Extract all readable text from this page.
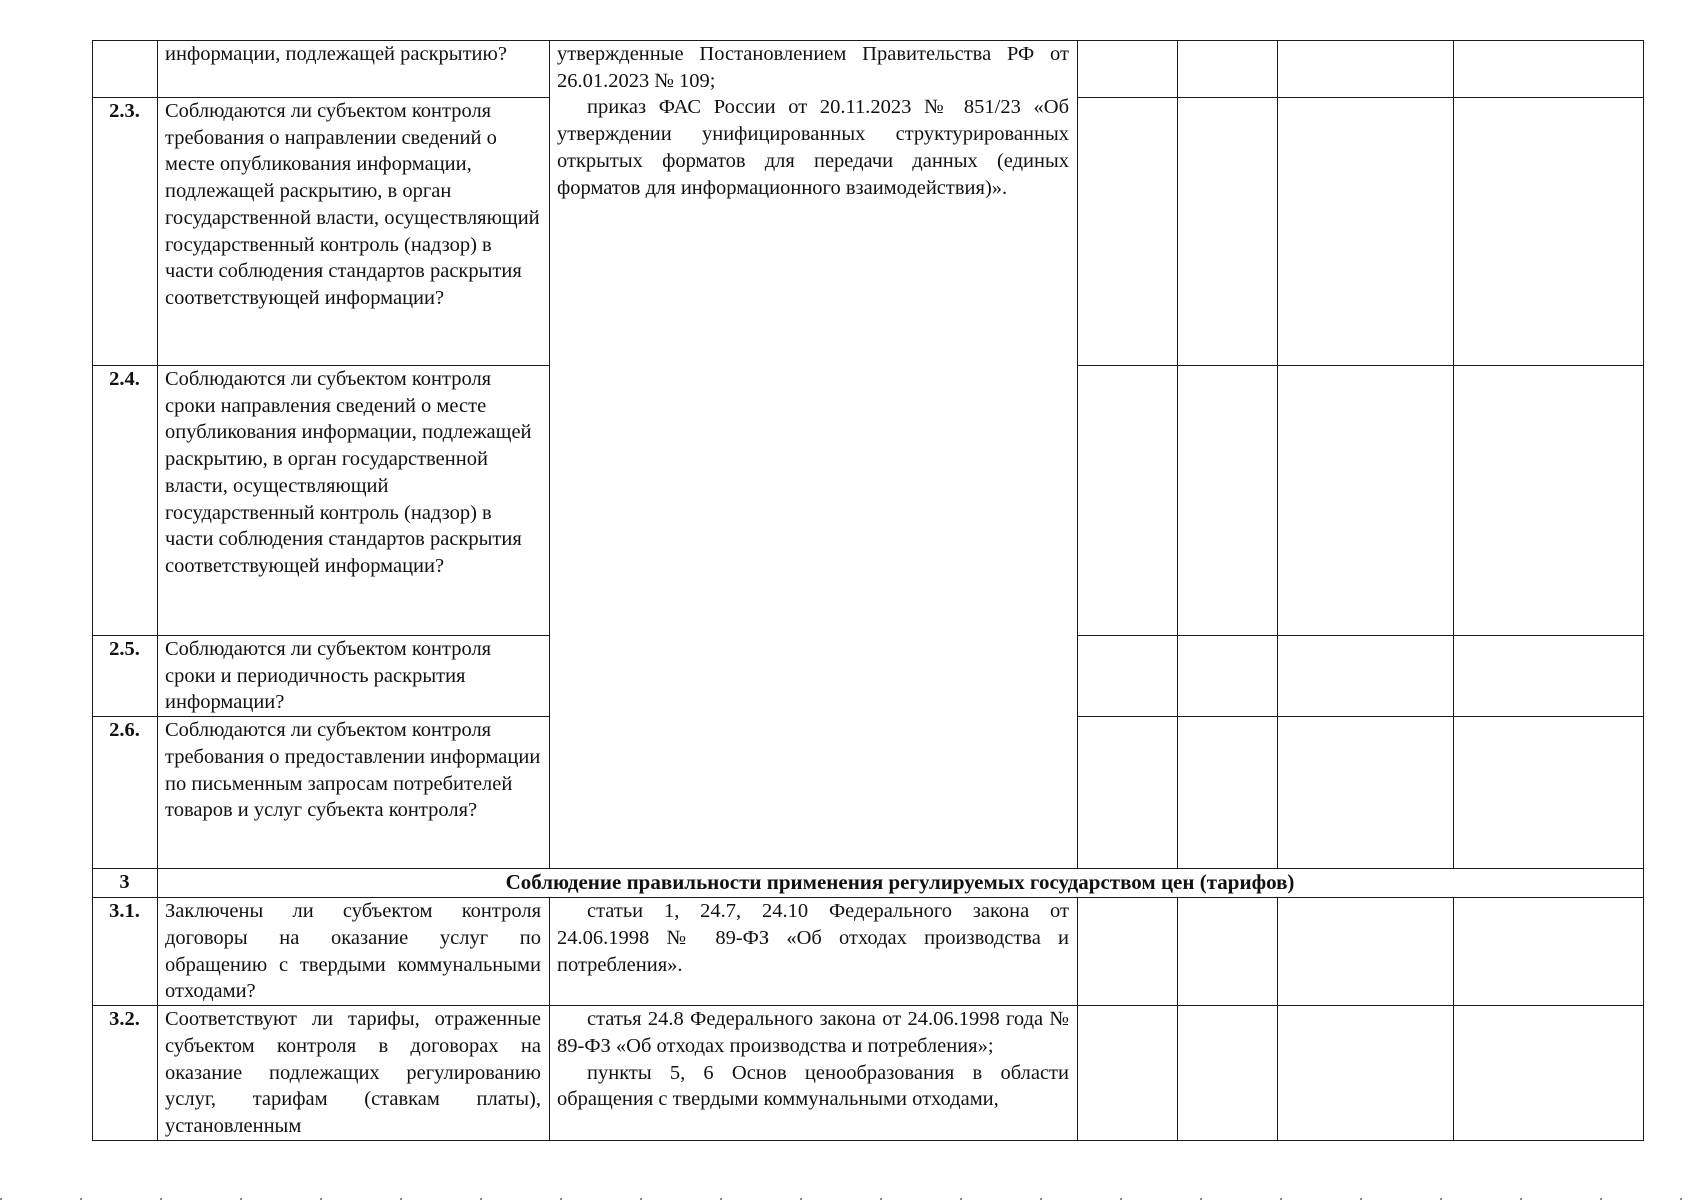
	информации, подлежащей раскрытию?	утвержденные Постановлением Правительства РФ от 26.01.2023 № 109;
приказ ФАС России от 20.11.2023 № 851/23 «Об утверждении унифицированных структурированных открытых форматов для передачи данных (единых форматов для информационного взаимодействия)».				

2.3.	Соблюдаются ли субъектом контроля требования о направлении сведений о месте опубликования информации, подлежащей раскрытию, в орган государственной власти, осуществляющий государственный контроль (надзор) в части соблюдения стандартов раскрытия соответствующей информации?					
2.4.	Соблюдаются ли субъектом контроля сроки направления сведений о месте опубликования информации, подлежащей раскрытию, в орган государственной власти, осуществляющий государственный контроль (надзор) в части соблюдения стандартов раскрытия соответствующей информации?					
2.5.	Соблюдаются ли субъектом контроля сроки и периодичность раскрытия информации?					
2.6.	Соблюдаются ли субъектом контроля требования о предоставлении информации по письменным запросам потребителей товаров и услуг субъекта контроля?					
3	Соблюдение правильности применения регулируемых государством цен (тарифов)					
3.1.	Заключены ли субъектом контроля договоры на оказание услуг по обращению с твердыми коммунальными отходами?	статьи 1, 24.7, 24.10 Федерального закона от 24.06.1998 № 89-ФЗ «Об отходах производства и потребления».				

3.2.	Соответствуют ли тарифы, отраженные субъектом контроля в договорах на оказание подлежащих регулированию услуг, тарифам (ставкам платы), установленным	статья 24.8 Федерального закона от 24.06.1998 года № 89-ФЗ «Об отходах производства и потребления»;
пункты 5, 6 Основ ценообразования в области обращения с твердыми коммунальными отходами,				
